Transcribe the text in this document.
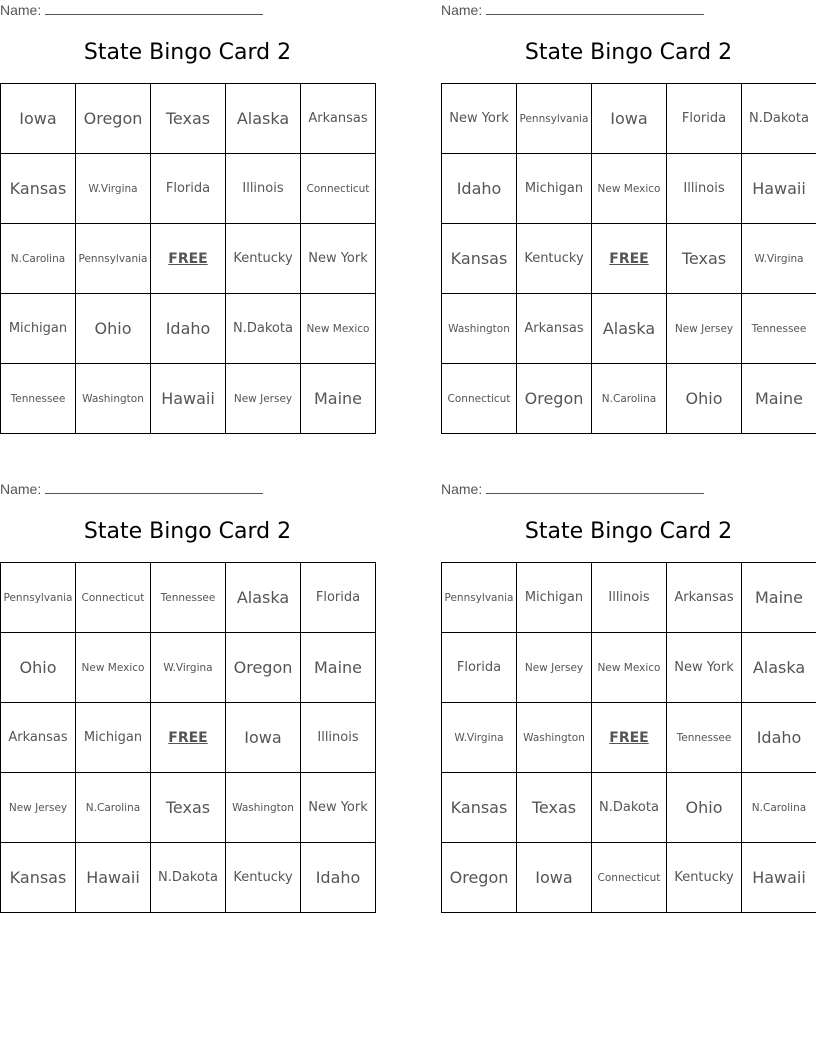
Name:
State Bingo Card 2
Iowa	Oregon	Texas	Alaska	Arkansas
Kansas	W.Virgina	Florida	Illinois	Connecticut
N.Carolina	Pennsylvania	FREE	Kentucky	New York
Michigan	Ohio	Idaho	N.Dakota	New Mexico
Tennessee	Washington	Hawaii	New Jersey	Maine
Name:
State Bingo Card 2
New York	Pennsylvania	Iowa	Florida	N.Dakota
Idaho	Michigan	New Mexico	Illinois	Hawaii
Kansas	Kentucky	FREE	Texas	W.Virgina
Washington	Arkansas	Alaska	New Jersey	Tennessee
Connecticut	Oregon	N.Carolina	Ohio	Maine
Name:
State Bingo Card 2
Pennsylvania	Connecticut	Tennessee	Alaska	Florida
Ohio	New Mexico	W.Virgina	Oregon	Maine
Arkansas	Michigan	FREE	Iowa	Illinois
New Jersey	N.Carolina	Texas	Washington	New York
Kansas	Hawaii	N.Dakota	Kentucky	Idaho
Name:
State Bingo Card 2
Pennsylvania	Michigan	Illinois	Arkansas	Maine
Florida	New Jersey	New Mexico	New York	Alaska
W.Virgina	Washington	FREE	Tennessee	Idaho
Kansas	Texas	N.Dakota	Ohio	N.Carolina
Oregon	Iowa	Connecticut	Kentucky	Hawaii
